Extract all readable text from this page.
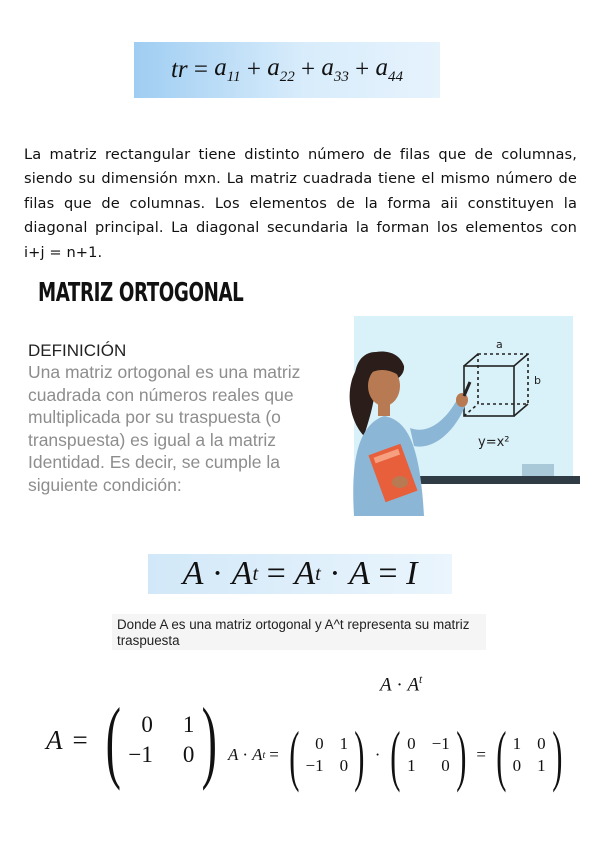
tr = $a_{11} + a_{22} + a_{33} + a_{44}$

La matriz rectangular tiene distinto número de filas que de columnas, siendo su dimensión mxn. La matriz cuadrada tiene el mismo número de filas que de columnas. Los elementos de la forma aii constituyen la diagonal principal. La diagonal secundaria la forman los elementos con i+j = n+1.

MATRIZ ORTOGONAL
DEFINICIÓN
Una matriz ortogonal es una matriz cuadrada con números reales que multiplicada por su traspuesta (o transpuesta) es igual a la matriz Identidad. Es decir, se cumple la siguiente condición:
a
b
y=x²
A
·
A t
=
A t
·
A
=
I
Donde A es una matriz ortogonal y A^t representa su matriz traspuesta
$A \cdot A^t$
A = ( 0 1
−1 0 ) A · A t = ( 0 1
−1 0 ) · ( 0 −1
1	0 ) = ( 1 0
0 1 )
